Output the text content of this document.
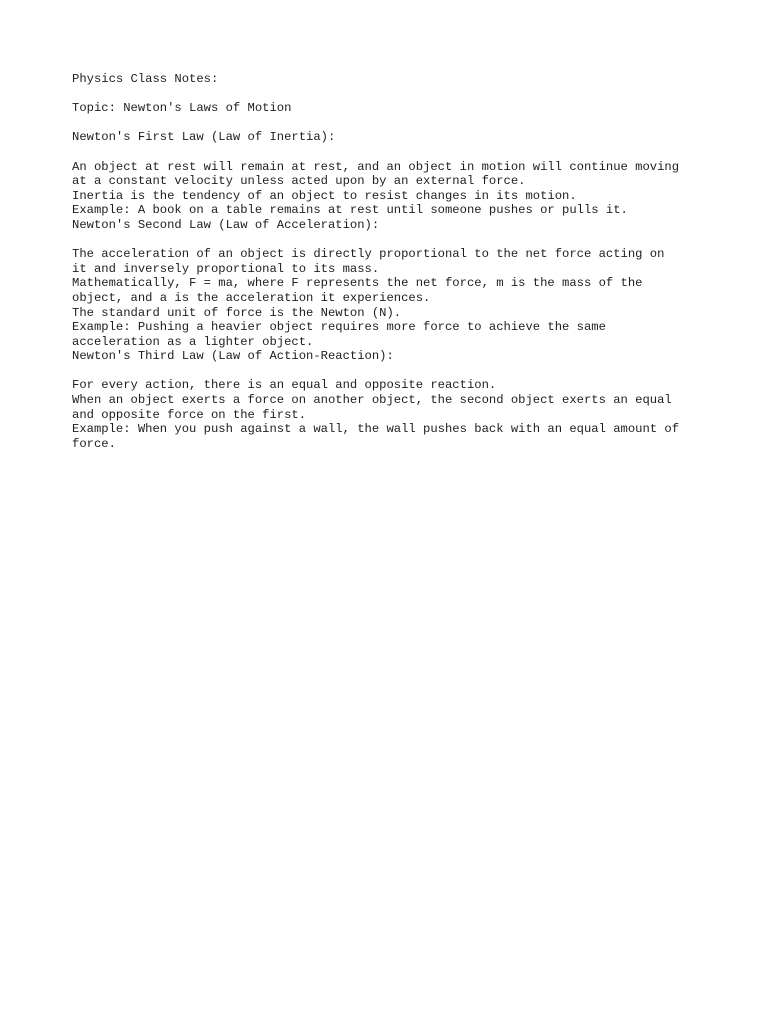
Physics Class Notes:
Topic: Newton's Laws of Motion
Newton's First Law (Law of Inertia):
An object at rest will remain at rest, and an object in motion will continue moving
at a constant velocity unless acted upon by an external force.
Inertia is the tendency of an object to resist changes in its motion.
Example: A book on a table remains at rest until someone pushes or pulls it.
Newton's Second Law (Law of Acceleration):
The acceleration of an object is directly proportional to the net force acting on
it and inversely proportional to its mass.
Mathematically, F = ma, where F represents the net force, m is the mass of the
object, and a is the acceleration it experiences.
The standard unit of force is the Newton (N).
Example: Pushing a heavier object requires more force to achieve the same
acceleration as a lighter object.
Newton's Third Law (Law of Action-Reaction):
For every action, there is an equal and opposite reaction.
When an object exerts a force on another object, the second object exerts an equal
and opposite force on the first.
Example: When you push against a wall, the wall pushes back with an equal amount of
force.
